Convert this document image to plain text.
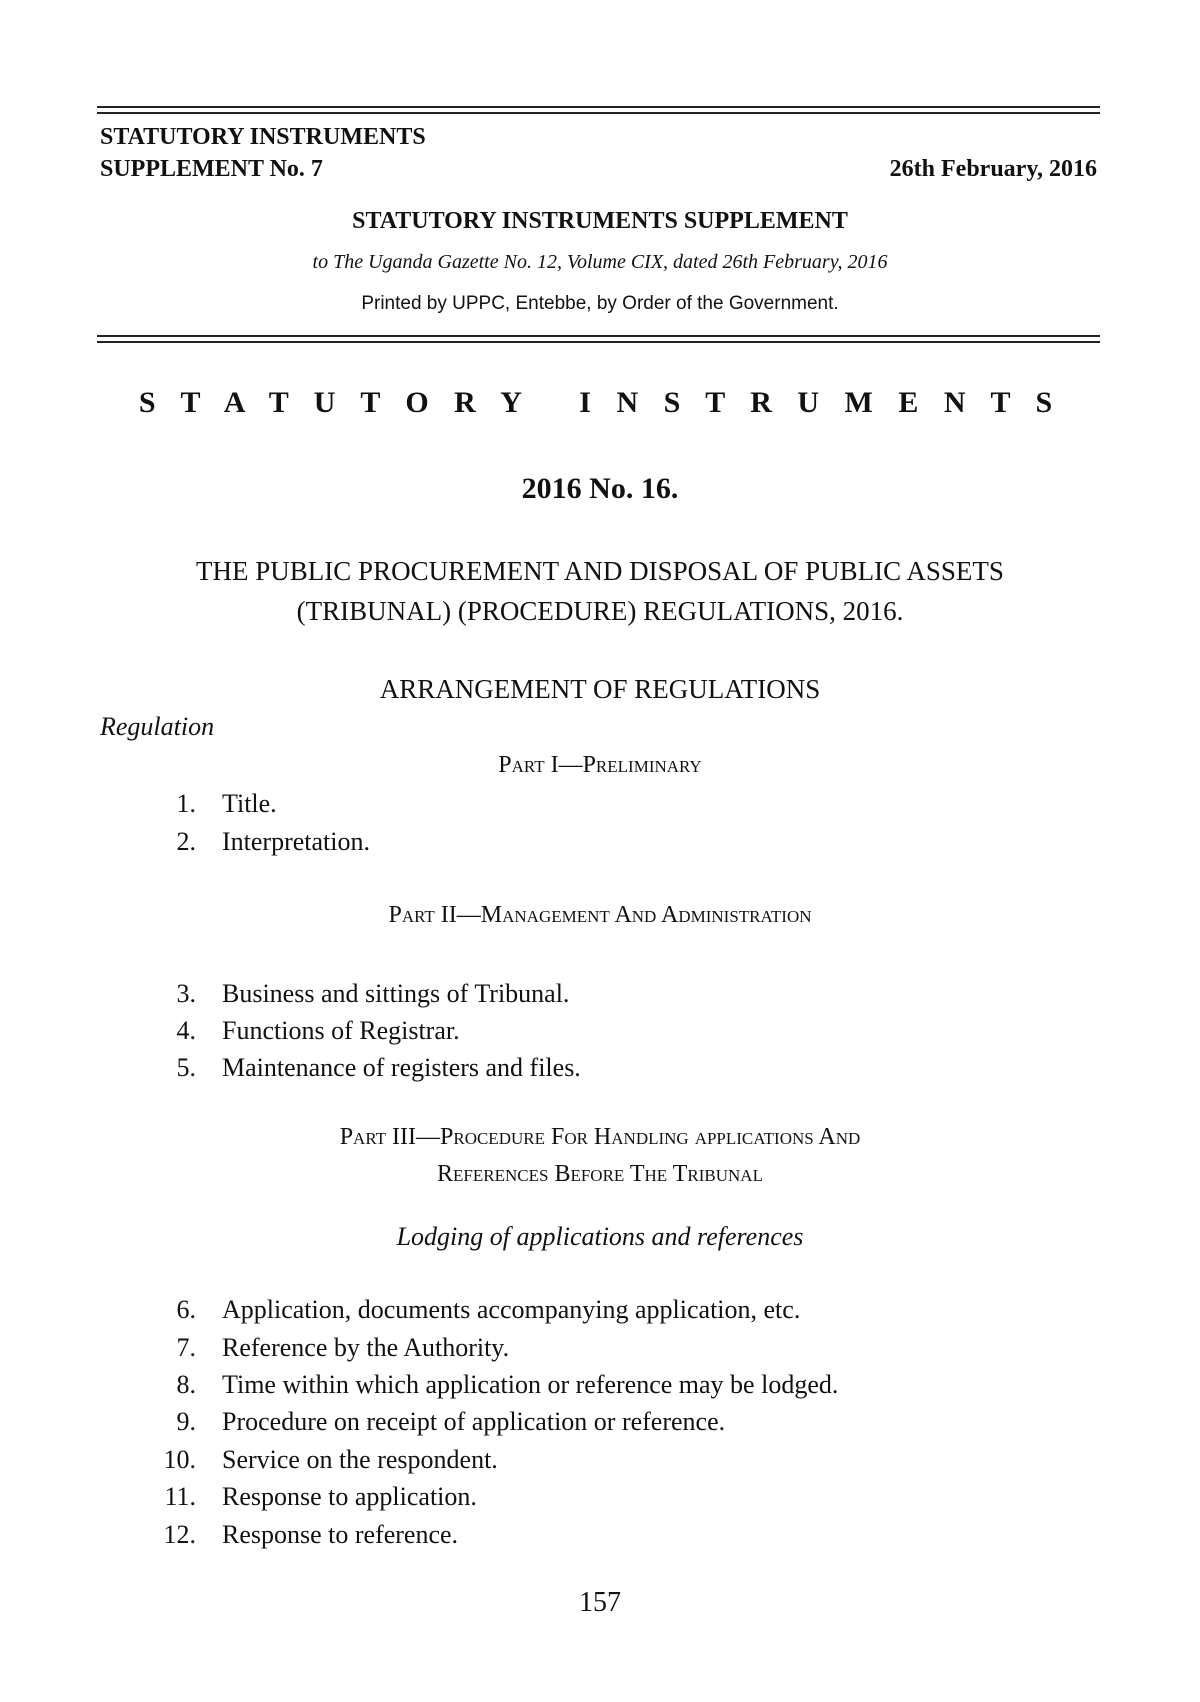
STATUTORY INSTRUMENTS
SUPPLEMENT No. 7	26th February, 2016
STATUTORY INSTRUMENTS SUPPLEMENT
to The Uganda Gazette No. 12, Volume CIX, dated 26th February, 2016
Printed by UPPC, Entebbe, by Order of the Government.
S T A T U T O R Y   I N S T R U M E N T S
2016 No. 16.
THE PUBLIC PROCUREMENT AND DISPOSAL OF PUBLIC ASSETS
(TRIBUNAL) (PROCEDURE) REGULATIONS, 2016.
ARRANGEMENT OF REGULATIONS
Regulation
Part I—Preliminary
1. Title.
2. Interpretation.
Part II—Management And Administration
3. Business and sittings of Tribunal.
4. Functions of Registrar.
5. Maintenance of registers and files.
Part III—Procedure For Handling applications And
References Before The Tribunal
Lodging of applications and references
6. Application, documents accompanying application, etc.
7. Reference by the Authority.
8. Time within which application or reference may be lodged.
9. Procedure on receipt of application or reference.
10. Service on the respondent.
11. Response to application.
12. Response to reference.
157
